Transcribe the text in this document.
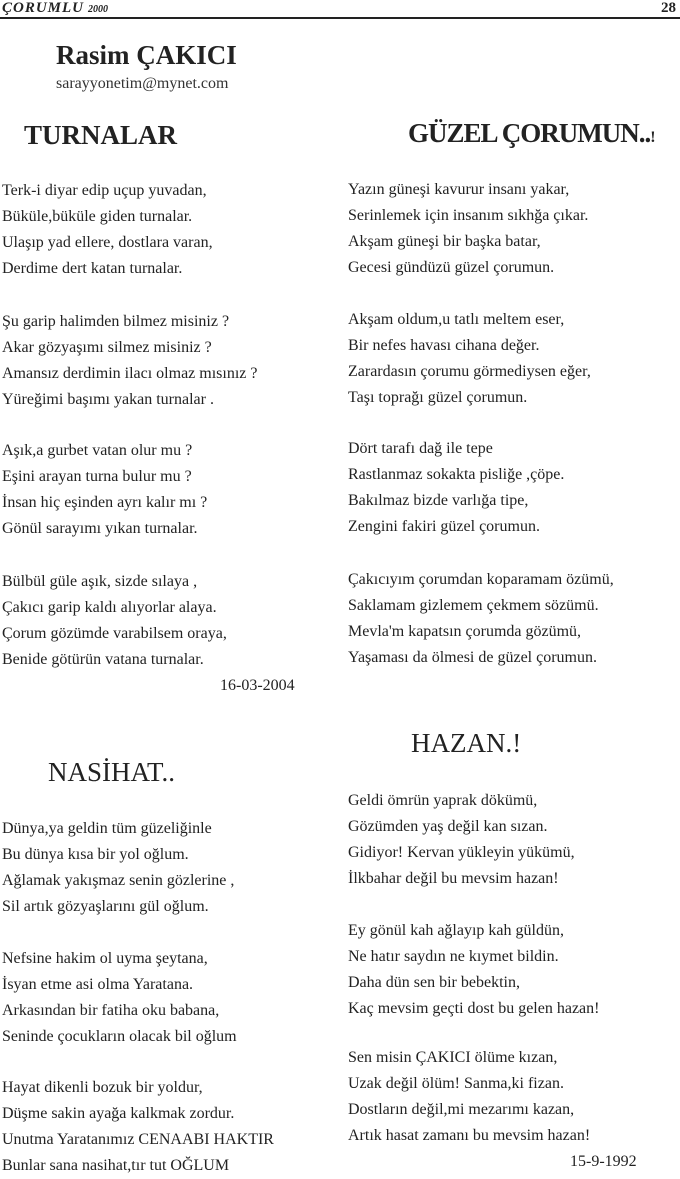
ÇORUMLU 2000	28
Rasim ÇAKICI
sarayyonetim@mynet.com
TURNALAR
Terk-i diyar edip uçup yuvadan,
Büküle,büküle giden turnalar.
Ulaşıp yad ellere, dostlara varan,
Derdime dert katan turnalar.
Şu garip halimden bilmez misiniz ?
Akar gözyaşımı silmez misiniz ?
Amansız derdimin ilacı olmaz mısınız ?
Yüreğimi başımı yakan turnalar .
Aşık,a gurbet vatan olur mu ?
Eşini arayan turna bulur mu ?
İnsan hiç eşinden ayrı kalır mı ?
Gönül sarayımı yıkan turnalar.
Bülbül güle aşık, sizde sılaya ,
Çakıcı garip kaldı alıyorlar alaya.
Çorum gözümde varabilsem oraya,
Benide götürün vatana turnalar.
16-03-2004
GÜZEL ÇORUMUN..!
Yazın güneşi kavurur insanı yakar,
Serinlemek için insanım sıkhğa çıkar.
Akşam güneşi bir başka batar,
Gecesi gündüzü güzel çorumun.
Akşam oldum,u tatlı meltem eser,
Bir nefes havası cihana değer.
Zarardasın çorumu görmediysen eğer,
Taşı toprağı güzel çorumun.
Dört tarafı dağ ile tepe
Rastlanmaz sokakta pisliğe ,çöpe.
Bakılmaz bizde varlığa tipe,
Zengini fakiri güzel çorumun.
Çakıcıyım çorumdan koparamam özümü,
Saklamam gizlemem çekmem sözümü.
Mevla'm kapatsın çorumda gözümü,
Yaşaması da ölmesi de güzel çorumun.
NASİHAT..
Dünya,ya geldin tüm güzeliğinle
Bu dünya kısa bir yol oğlum.
Ağlamak yakışmaz senin gözlerine ,
Sil artık gözyaşlarını gül oğlum.
Nefsine hakim ol uyma şeytana,
İsyan etme asi olma Yaratana.
Arkasından bir fatiha oku babana,
Seninde çocukların olacak bil oğlum
Hayat dikenli bozuk bir yoldur,
Düşme sakin ayağa kalkmak zordur.
Unutma Yaratanımız CENAABI HAKTIR
Bunlar sana nasihat,tır tut OĞLUM
HAZAN.!
Geldi ömrün yaprak dökümü,
Gözümden yaş değil kan sızan.
Gidiyor! Kervan yükleyin yükümü,
İlkbahar değil bu mevsim hazan!
Ey gönül kah ağlayıp kah güldün,
Ne hatır saydın ne kıymet bildin.
Daha dün sen bir bebektin,
Kaç mevsim geçti dost bu gelen hazan!
Sen misin ÇAKICI ölüme kızan,
Uzak değil ölüm! Sanma,ki fizan.
Dostların değil,mi mezarımı kazan,
Artık hasat zamanı bu mevsim hazan!
15-9-1992
